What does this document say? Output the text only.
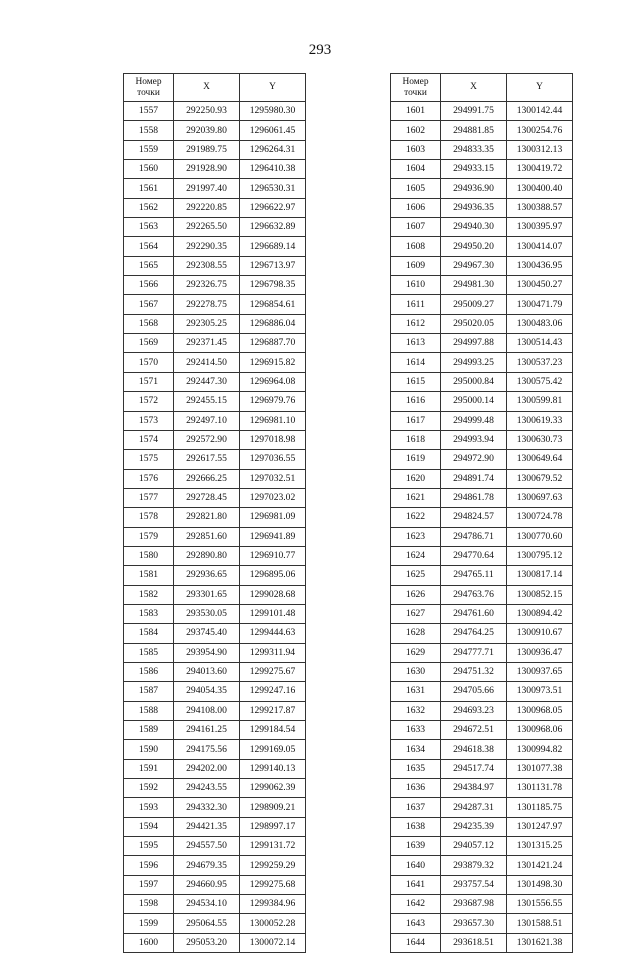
293
Номер
точки	X	Y
1557	292250.93	1295980.30
1558	292039.80	1296061.45
1559	291989.75	1296264.31
1560	291928.90	1296410.38
1561	291997.40	1296530.31
1562	292220.85	1296622.97
1563	292265.50	1296632.89
1564	292290.35	1296689.14
1565	292308.55	1296713.97
1566	292326.75	1296798.35
1567	292278.75	1296854.61
1568	292305.25	1296886.04
1569	292371.45	1296887.70
1570	292414.50	1296915.82
1571	292447.30	1296964.08
1572	292455.15	1296979.76
1573	292497.10	1296981.10
1574	292572.90	1297018.98
1575	292617.55	1297036.55
1576	292666.25	1297032.51
1577	292728.45	1297023.02
1578	292821.80	1296981.09
1579	292851.60	1296941.89
1580	292890.80	1296910.77
1581	292936.65	1296895.06
1582	293301.65	1299028.68
1583	293530.05	1299101.48
1584	293745.40	1299444.63
1585	293954.90	1299311.94
1586	294013.60	1299275.67
1587	294054.35	1299247.16
1588	294108.00	1299217.87
1589	294161.25	1299184.54
1590	294175.56	1299169.05
1591	294202.00	1299140.13
1592	294243.55	1299062.39
1593	294332.30	1298909.21
1594	294421.35	1298997.17
1595	294557.50	1299131.72
1596	294679.35	1299259.29
1597	294660.95	1299275.68
1598	294534.10	1299384.96
1599	295064.55	1300052.28
1600	295053.20	1300072.14
Номер
точки	X	Y
1601	294991.75	1300142.44
1602	294881.85	1300254.76
1603	294833.35	1300312.13
1604	294933.15	1300419.72
1605	294936.90	1300400.40
1606	294936.35	1300388.57
1607	294940.30	1300395.97
1608	294950.20	1300414.07
1609	294967.30	1300436.95
1610	294981.30	1300450.27
1611	295009.27	1300471.79
1612	295020.05	1300483.06
1613	294997.88	1300514.43
1614	294993.25	1300537.23
1615	295000.84	1300575.42
1616	295000.14	1300599.81
1617	294999.48	1300619.33
1618	294993.94	1300630.73
1619	294972.90	1300649.64
1620	294891.74	1300679.52
1621	294861.78	1300697.63
1622	294824.57	1300724.78
1623	294786.71	1300770.60
1624	294770.64	1300795.12
1625	294765.11	1300817.14
1626	294763.76	1300852.15
1627	294761.60	1300894.42
1628	294764.25	1300910.67
1629	294777.71	1300936.47
1630	294751.32	1300937.65
1631	294705.66	1300973.51
1632	294693.23	1300968.05
1633	294672.51	1300968.06
1634	294618.38	1300994.82
1635	294517.74	1301077.38
1636	294384.97	1301131.78
1637	294287.31	1301185.75
1638	294235.39	1301247.97
1639	294057.12	1301315.25
1640	293879.32	1301421.24
1641	293757.54	1301498.30
1642	293687.98	1301556.55
1643	293657.30	1301588.51
1644	293618.51	1301621.38
